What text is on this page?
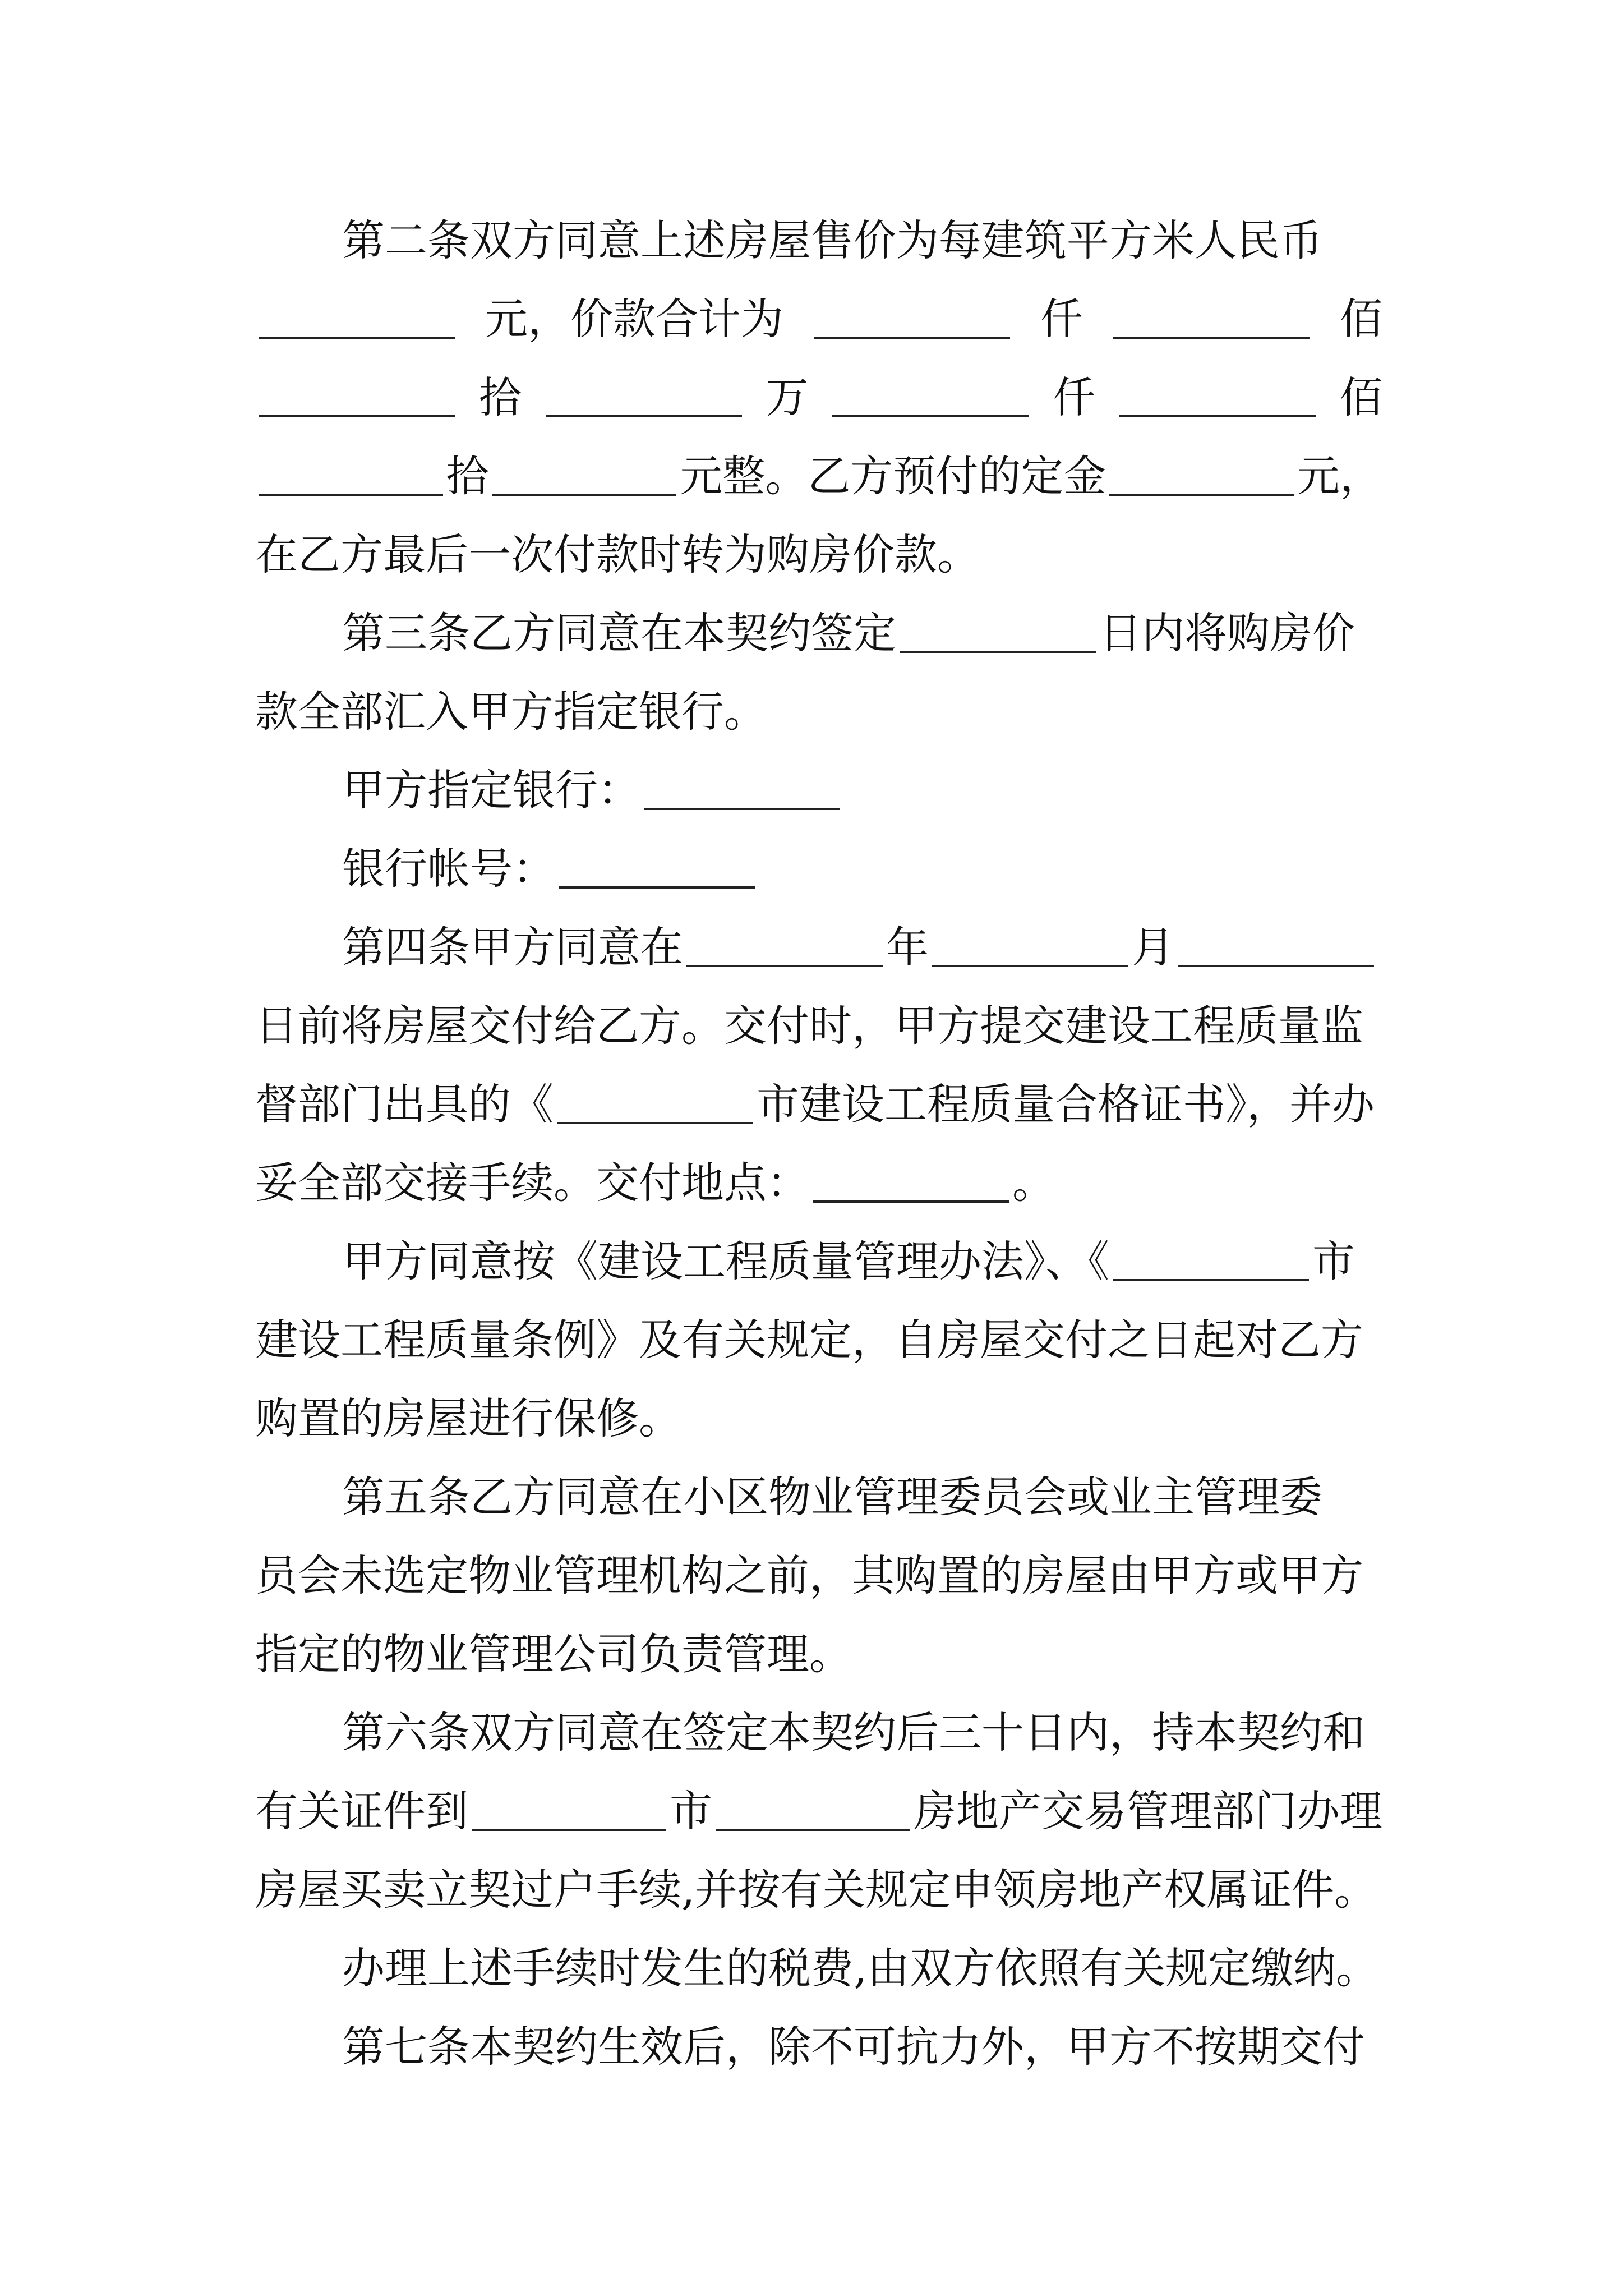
第二条双方同意上述房屋售价为每建筑平方米人民币
元，价款合计为	仟	佰
拾	万	仟	佰
拾	元整。乙方预付的定金	元，
在乙方最后一次付款时转为购房价款。
第三条乙方同意在本契约签定	日内将购房价
款全部汇入甲方指定银行。
甲方指定银行：
银行帐号：
第四条甲方同意在	年	月
日前将房屋交付给乙方。交付时，甲方提交建设工程质量监
督部门出具的《	市建设工程质量合格证书》，并办
妥全部交接手续。交付地点：	。
甲方同意按《建设工程质量管理办法》、《	市
建设工程质量条例》及有关规定，自房屋交付之日起对乙方
购置的房屋进行保修。
第五条乙方同意在小区物业管理委员会或业主管理委
员会未选定物业管理机构之前，其购置的房屋由甲方或甲方
指定的物业管理公司负责管理。
第六条双方同意在签定本契约后三十日内，持本契约和
有关证件到	市	房地产交易管理部门办理
房屋买卖立契过户手续,并按有关规定申领房地产权属证件。
办理上述手续时发生的税费,由双方依照有关规定缴纳。
第七条本契约生效后，除不可抗力外，甲方不按期交付
